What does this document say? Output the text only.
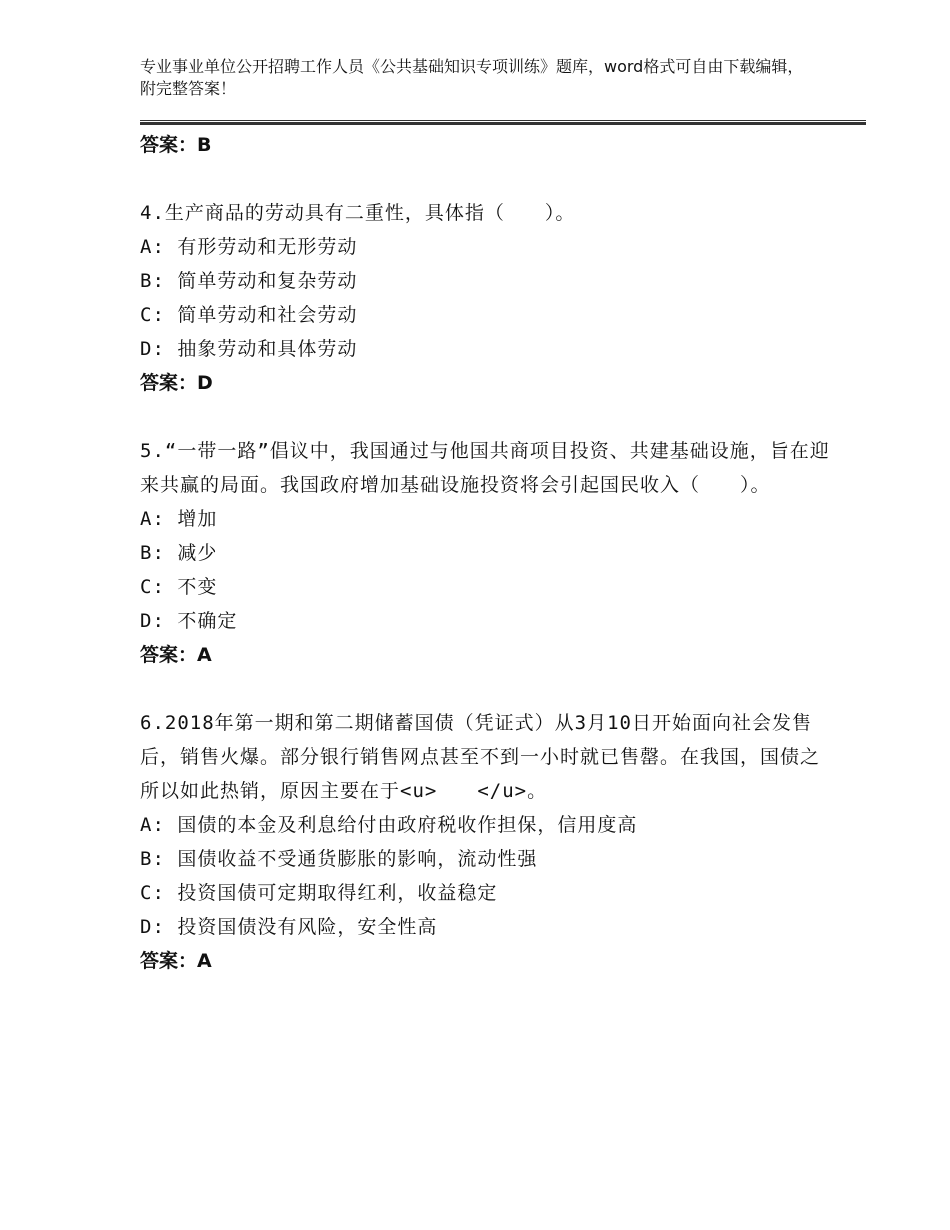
专业事业单位公开招聘工作人员《公共基础知识专项训练》题库，word格式可自由下载编辑，附完整答案！
答案：B
4.生产商品的劳动具有二重性，具体指（　　）。
A: 有形劳动和无形劳动
B: 简单劳动和复杂劳动
C: 简单劳动和社会劳动
D: 抽象劳动和具体劳动
答案：D
5.“一带一路”倡议中，我国通过与他国共商项目投资、共建基础设施，旨在迎来共赢的局面。我国政府增加基础设施投资将会引起国民收入（　　）。
A: 增加
B: 减少
C: 不变
D: 不确定
答案：A
6.2018年第一期和第二期储蓄国债（凭证式）从3月10日开始面向社会发售后，销售火爆。部分银行销售网点甚至不到一小时就已售罄。在我国，国债之所以如此热销，原因主要在于<u>　　</u>。
A: 国债的本金及利息给付由政府税收作担保，信用度高
B: 国债收益不受通货膨胀的影响，流动性强
C: 投资国债可定期取得红利，收益稳定
D: 投资国债没有风险，安全性高
答案：A
